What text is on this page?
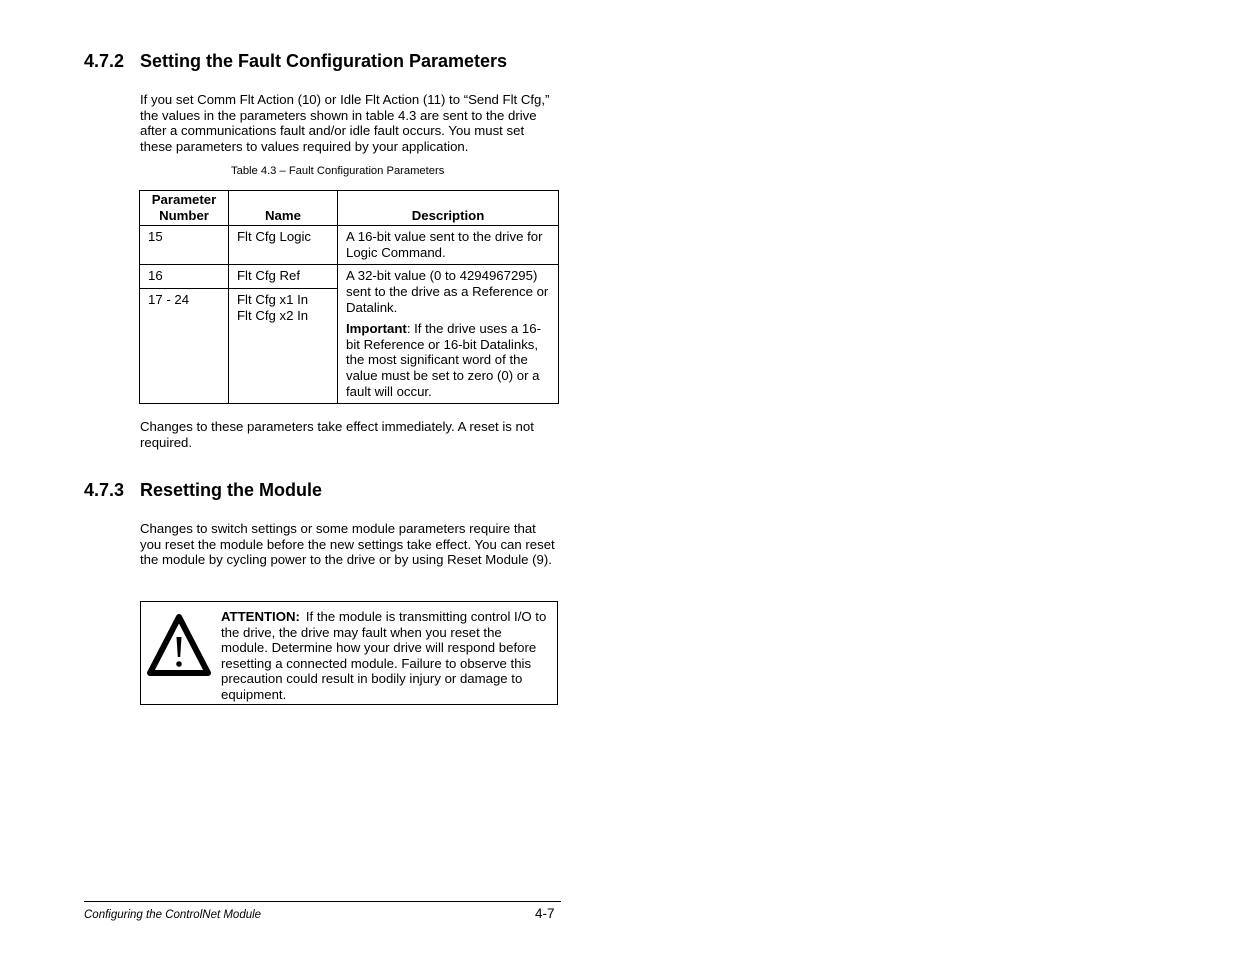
4.7.2 Setting the Fault Configuration Parameters
If you set Comm Flt Action (10) or Idle Flt Action (11) to “Send Flt Cfg,” the values in the parameters shown in table 4.3 are sent to the drive after a communications fault and/or idle fault occurs. You must set these parameters to values required by your application.
Table 4.3 – Fault Configuration Parameters
Parameter
Number	Name	Description
15	Flt Cfg Logic	A 16-bit value sent to the drive for Logic Command.
16	Flt Cfg Ref	A 32-bit value (0 to 4294967295) sent to the drive as a Reference or Datalink.
Important: If the drive uses a 16-bit Reference or 16-bit Datalinks, the most significant word of the value must be set to zero (0) or a fault will occur.

17 - 24	Flt Cfg x1 In
Flt Cfg x2 In	
Changes to these parameters take effect immediately. A reset is not required.
4.7.3 Resetting the Module
Changes to switch settings or some module parameters require that you reset the module before the new settings take effect. You can reset the module by cycling power to the drive or by using Reset Module (9).
ATTENTION: If the module is transmitting control I/O to the drive, the drive may fault when you reset the module. Determine how your drive will respond before resetting a connected module. Failure to observe this precaution could result in bodily injury or damage to equipment.
Configuring the ControlNet Module	4-7
